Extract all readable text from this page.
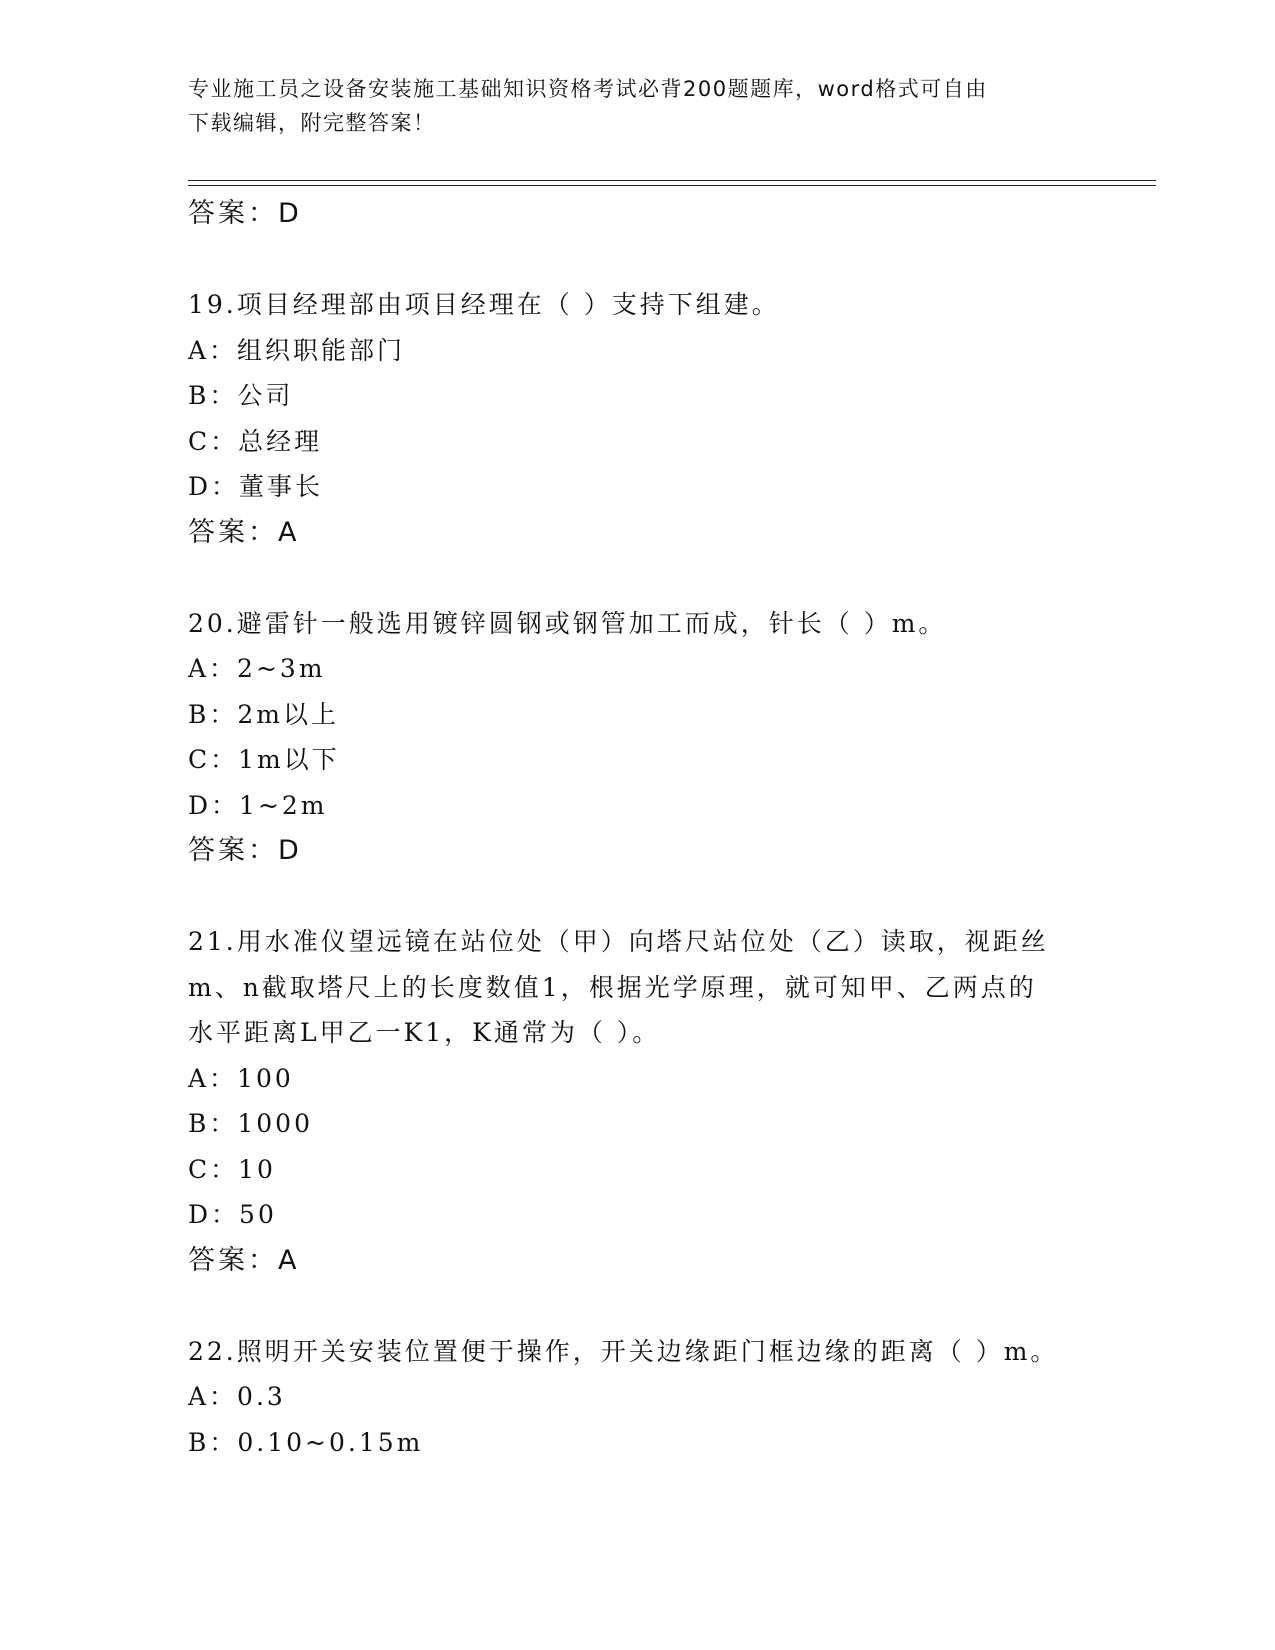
专业施工员之设备安装施工基础知识资格考试必背200题题库，word格式可自由
下载编辑，附完整答案！
答案：D
19.项目经理部由项目经理在（ ）支持下组建。
A：组织职能部门
B：公司
C：总经理
D：董事长
答案：A
20.避雷针一般选用镀锌圆钢或钢管加工而成，针长（ ）m。
A：2~3m
B：2m以上
C：1m以下
D：1~2m
答案：D
21.用水准仪望远镜在站位处（甲）向塔尺站位处（乙）读取，视距丝
m、n截取塔尺上的长度数值1，根据光学原理，就可知甲、乙两点的
水平距离L甲乙一K1，K通常为（ ）。
A：100
B：1000
C：10
D：50
答案：A
22.照明开关安装位置便于操作，开关边缘距门框边缘的距离（ ）m。
A：0.3
B：0.10~0.15m
